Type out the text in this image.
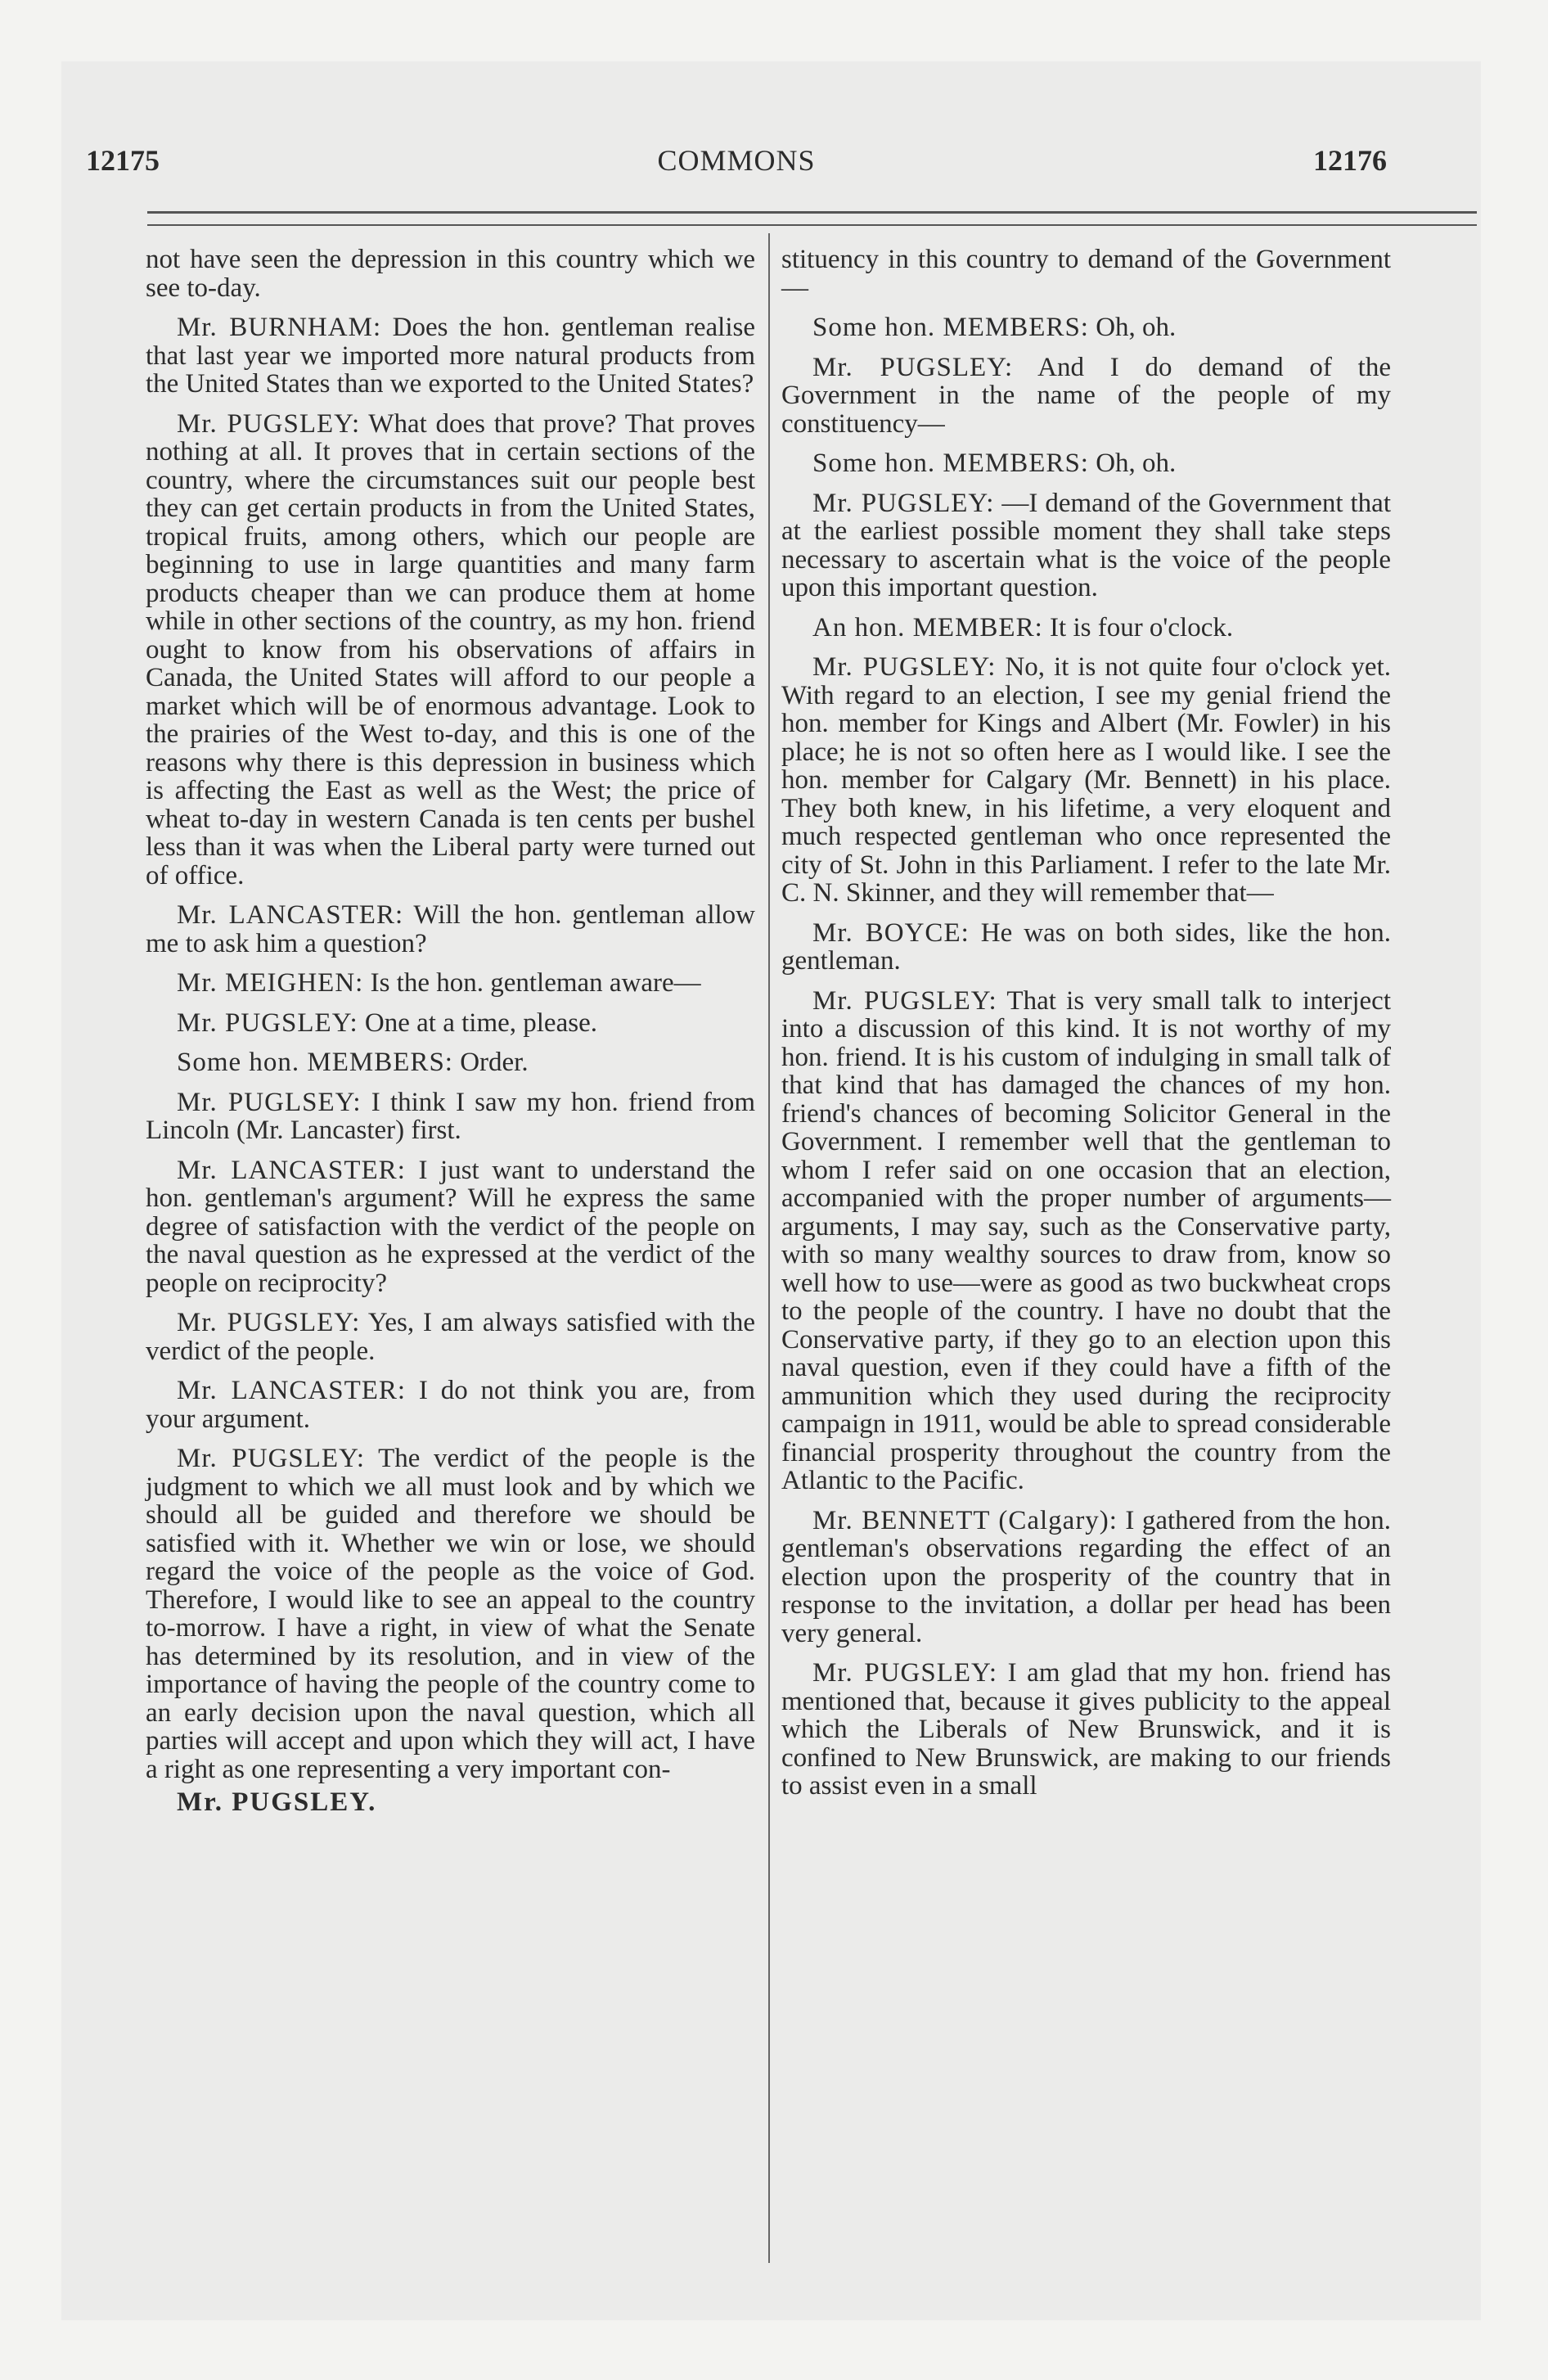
12175	COMMONS	12176

not have seen the depression in this country which we see to-day.

Mr. BURNHAM: Does the hon. gentleman realise that last year we imported more natural products from the United States than we exported to the United States?

Mr. PUGSLEY: What does that prove? That proves nothing at all. It proves that in certain sections of the country, where the circumstances suit our people best they can get certain products in from the United States, tropical fruits, among others, which our people are beginning to use in large quantities and many farm products cheaper than we can produce them at home while in other sections of the country, as my hon. friend ought to know from his observations of affairs in Canada, the United States will afford to our people a market which will be of enormous advantage. Look to the prairies of the West to-day, and this is one of the reasons why there is this depression in business which is affecting the East as well as the West; the price of wheat to-day in western Canada is ten cents per bushel less than it was when the Liberal party were turned out of office.

Mr. LANCASTER: Will the hon. gentleman allow me to ask him a question?

Mr. MEIGHEN: Is the hon. gentleman aware—

Mr. PUGSLEY: One at a time, please.

Some hon. MEMBERS: Order.

Mr. PUGLSEY: I think I saw my hon. friend from Lincoln (Mr. Lancaster) first.

Mr. LANCASTER: I just want to understand the hon. gentleman's argument? Will he express the same degree of satisfaction with the verdict of the people on the naval question as he expressed at the verdict of the people on reciprocity?

Mr. PUGSLEY: Yes, I am always satisfied with the verdict of the people.

Mr. LANCASTER: I do not think you are, from your argument.

Mr. PUGSLEY: The verdict of the people is the judgment to which we all must look and by which we should all be guided and therefore we should be satisfied with it. Whether we win or lose, we should regard the voice of the people as the voice of God. Therefore, I would like to see an appeal to the country to-morrow. I have a right, in view of what the Senate has determined by its resolution, and in view of the importance of having the people of the country come to an early decision upon the naval question, which all parties will accept and upon which they will act, I have a right as one representing a very important con-

Mr. PUGSLEY.

stituency in this country to demand of the Government—

Some hon. MEMBERS: Oh, oh.

Mr. PUGSLEY: And I do demand of the Government in the name of the people of my constituency—

Some hon. MEMBERS: Oh, oh.

Mr. PUGSLEY: —I demand of the Government that at the earliest possible moment they shall take steps necessary to ascertain what is the voice of the people upon this important question.

An hon. MEMBER: It is four o'clock.

Mr. PUGSLEY: No, it is not quite four o'clock yet. With regard to an election, I see my genial friend the hon. member for Kings and Albert (Mr. Fowler) in his place; he is not so often here as I would like. I see the hon. member for Calgary (Mr. Bennett) in his place. They both knew, in his lifetime, a very eloquent and much respected gentleman who once represented the city of St. John in this Parliament. I refer to the late Mr. C. N. Skinner, and they will remember that—

Mr. BOYCE: He was on both sides, like the hon. gentleman.

Mr. PUGSLEY: That is very small talk to interject into a discussion of this kind. It is not worthy of my hon. friend. It is his custom of indulging in small talk of that kind that has damaged the chances of my hon. friend's chances of becoming Solicitor General in the Government. I remember well that the gentleman to whom I refer said on one occasion that an election, accompanied with the proper number of arguments—arguments, I may say, such as the Conservative party, with so many wealthy sources to draw from, know so well how to use—were as good as two buckwheat crops to the people of the country. I have no doubt that the Conservative party, if they go to an election upon this naval question, even if they could have a fifth of the ammunition which they used during the reciprocity campaign in 1911, would be able to spread considerable financial prosperity throughout the country from the Atlantic to the Pacific.

Mr. BENNETT (Calgary): I gathered from the hon. gentleman's observations regarding the effect of an election upon the prosperity of the country that in response to the invitation, a dollar per head has been very general.

Mr. PUGSLEY: I am glad that my hon. friend has mentioned that, because it gives publicity to the appeal which the Liberals of New Brunswick, and it is confined to New Brunswick, are making to our friends to assist even in a small
